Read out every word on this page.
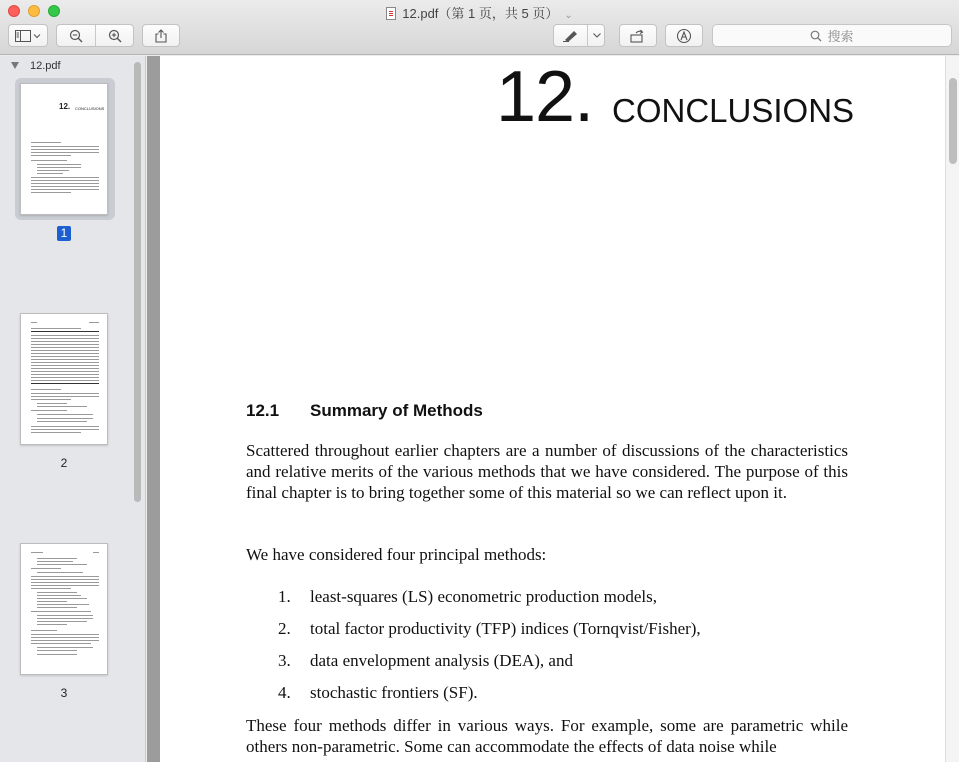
12.pdf（第 1 页，共 5 页） ⌄
搜索
12.pdf
12. CONCLUSIONS
1
2
3
12. CONCLUSIONS
12.1 Summary of Methods
Scattered throughout earlier chapters are a number of discussions of the characteristics and relative merits of the various methods that we have considered. The purpose of this final chapter is to bring together some of this material so we can reflect upon it.
We have considered four principal methods:
1. least-squares (LS) econometric production models,
2. total factor productivity (TFP) indices (Tornqvist/Fisher),
3. data envelopment analysis (DEA), and
4. stochastic frontiers (SF).
These four methods differ in various ways. For example, some are parametric while others non-parametric. Some can accommodate the effects of data noise while
